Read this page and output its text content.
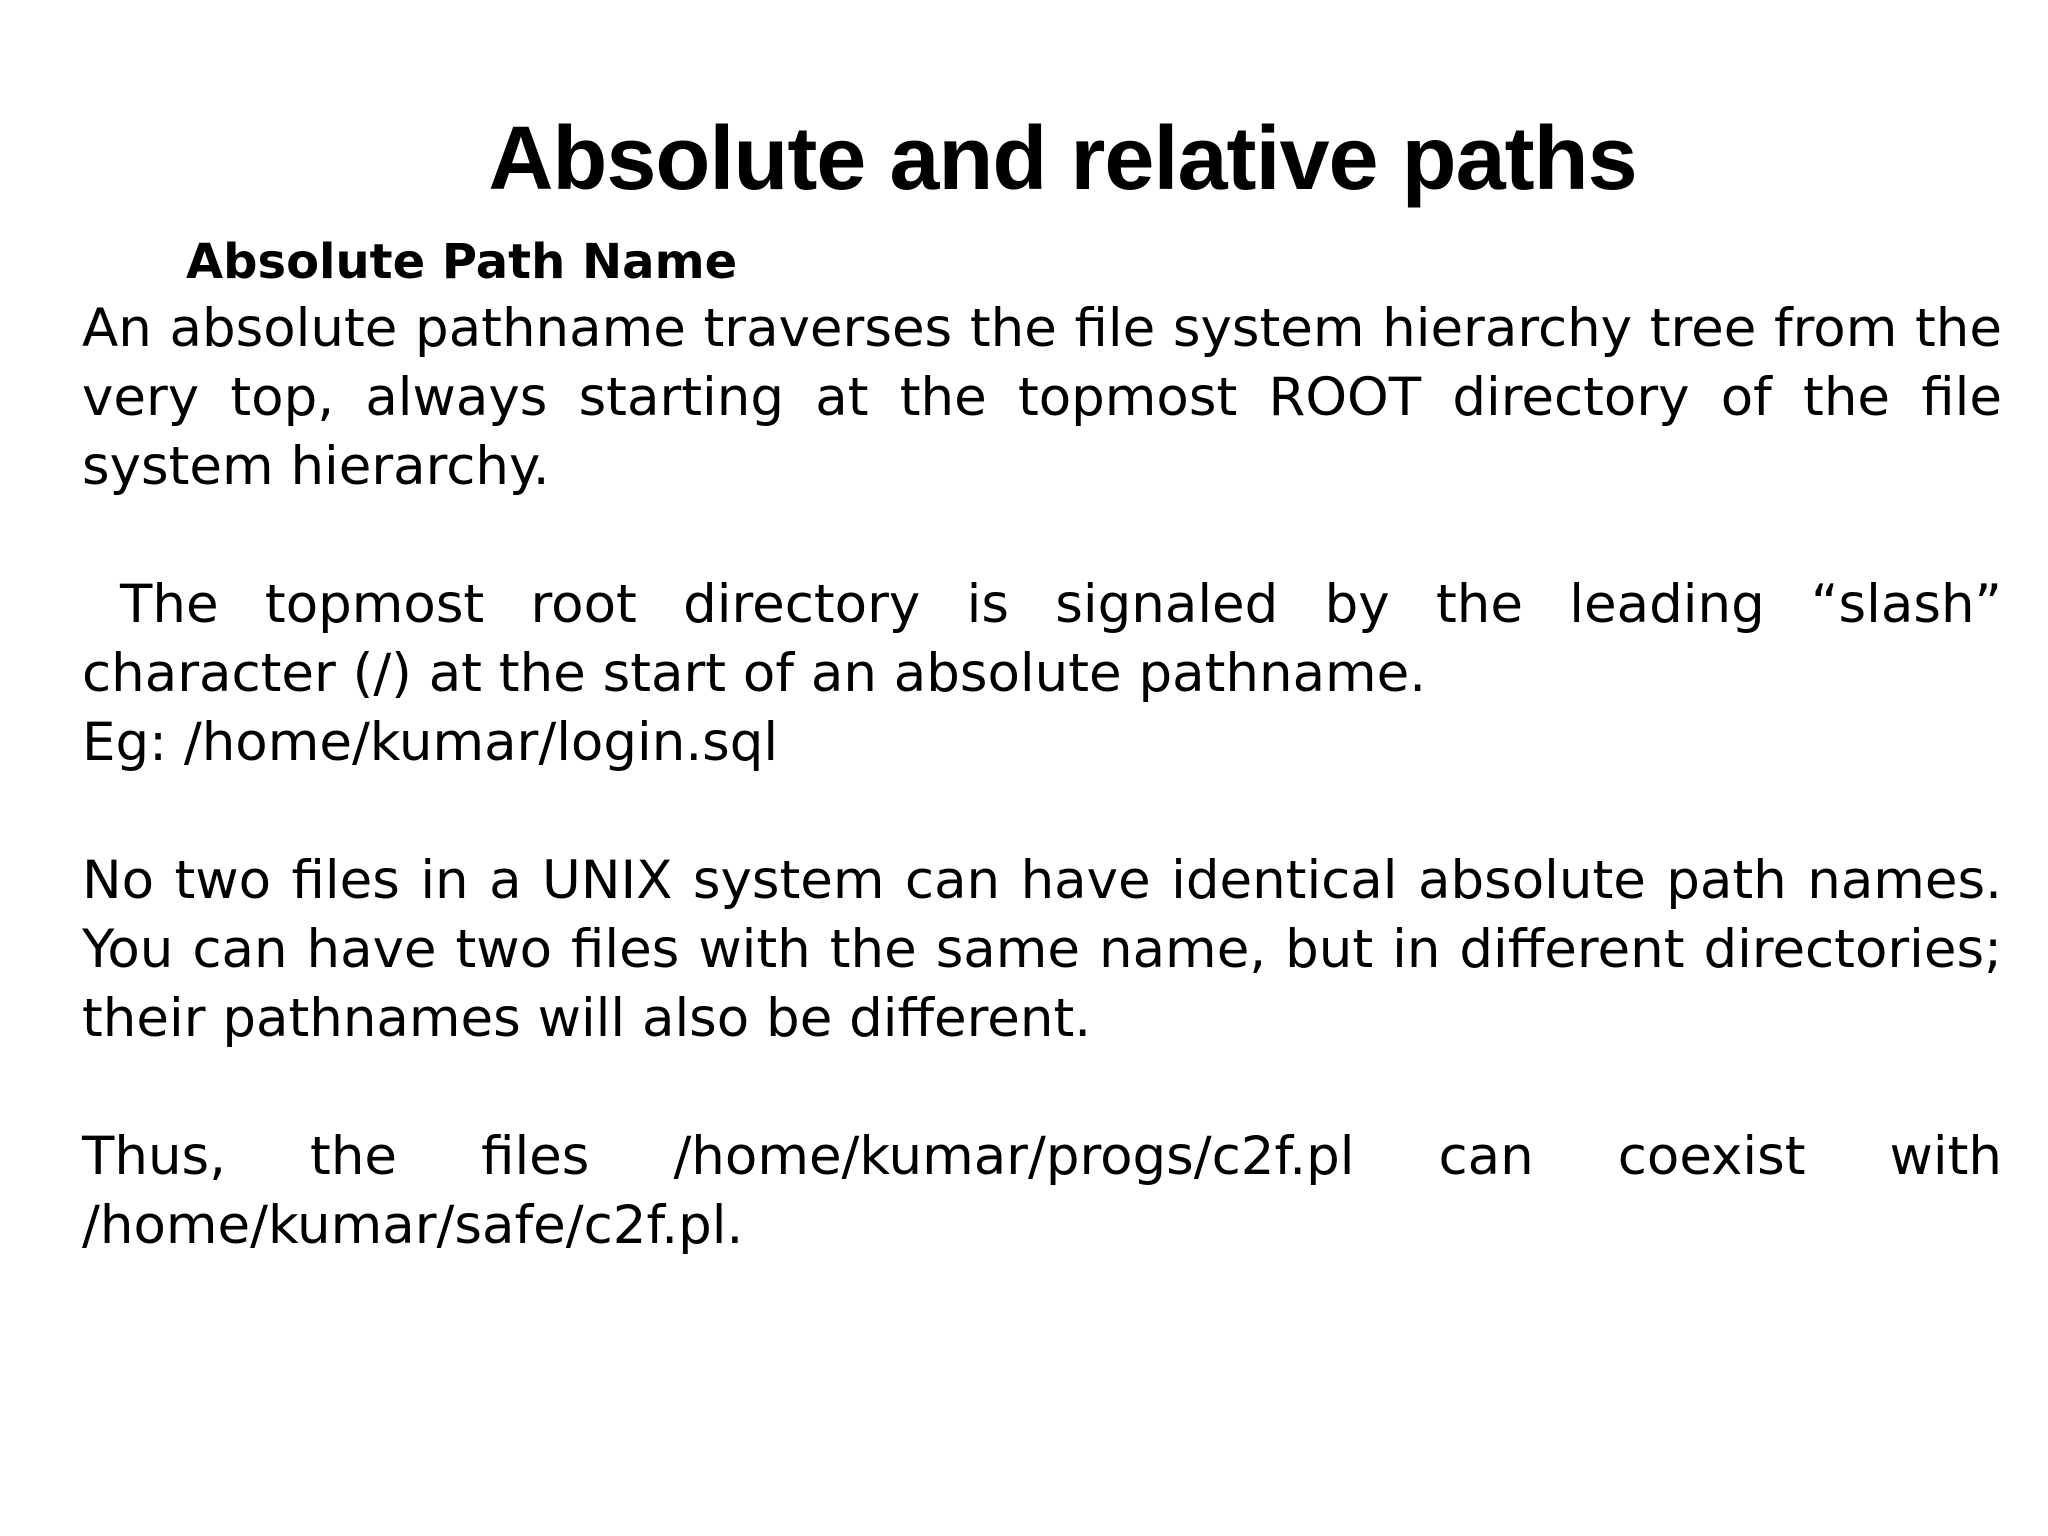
Absolute and relative paths

Absolute Path Name

An absolute pathname traverses the file system hierarchy tree from the very top, always starting at the topmost ROOT directory of the file system hierarchy.

The topmost root directory is signaled by the leading “slash” character (/) at the start of an absolute pathname.

Eg: /home/kumar/login.sql

No two files in a UNIX system can have identical absolute path names. You can have two files with the same name, but in different directories; their pathnames will also be different.

Thus, the files /home/kumar/progs/c2f.pl can coexist with /home/kumar/safe/c2f.pl.
